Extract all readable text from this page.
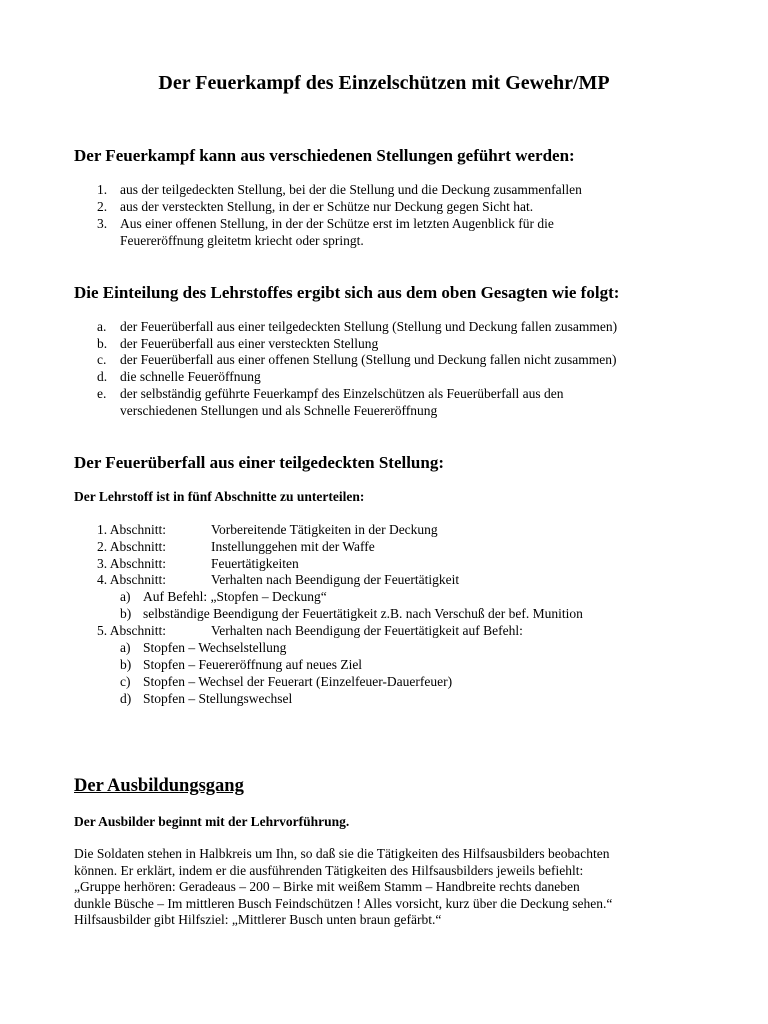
Der Feuerkampf des Einzelschützen mit Gewehr/MP
Der Feuerkampf kann aus verschiedenen Stellungen geführt werden:
1. aus der teilgedeckten Stellung, bei der die Stellung und die Deckung zusammenfallen
2. aus der versteckten Stellung, in der er Schütze nur Deckung gegen Sicht hat.
3. Aus einer offenen Stellung, in der der Schütze erst im letzten Augenblick für die
Feuereröffnung gleitetm kriecht oder springt.
Die Einteilung des Lehrstoffes ergibt sich aus dem oben Gesagten wie folgt:
a. der Feuerüberfall aus einer teilgedeckten Stellung (Stellung und Deckung fallen zusammen)
b. der Feuerüberfall aus einer versteckten Stellung
c. der Feuerüberfall aus einer offenen Stellung (Stellung und Deckung fallen nicht zusammen)
d. die schnelle Feueröffnung
e. der selbständig geführte Feuerkampf des Einzelschützen als Feuerüberfall aus den
verschiedenen Stellungen und als Schnelle Feuereröffnung
Der Feuerüberfall aus einer teilgedeckten Stellung:
Der Lehrstoff ist in fünf Abschnitte zu unterteilen:
1. Abschnitt:	Vorbereitende Tätigkeiten in der Deckung
2. Abschnitt:	Instellunggehen mit der Waffe
3. Abschnitt:	Feuertätigkeiten
4. Abschnitt:	Verhalten nach Beendigung der Feuertätigkeit
a) Auf Befehl: „Stopfen – Deckung“
b) selbständige Beendigung der Feuertätigkeit z.B. nach Verschuß der bef. Munition
5. Abschnitt:	Verhalten nach Beendigung der Feuertätigkeit auf Befehl:
a) Stopfen – Wechselstellung
b) Stopfen – Feuereröffnung auf neues Ziel
c) Stopfen – Wechsel der Feuerart (Einzelfeuer-Dauerfeuer)
d) Stopfen – Stellungswechsel
Der Ausbildungsgang
Der Ausbilder beginnt mit der Lehrvorführung.
Die Soldaten stehen in Halbkreis um Ihn, so daß sie die Tätigkeiten des Hilfsausbilders beobachten
können. Er erklärt, indem er die ausführenden Tätigkeiten des Hilfsausbilders jeweils befiehlt:
„Gruppe herhören: Geradeaus – 200 – Birke mit weißem Stamm – Handbreite rechts daneben
dunkle Büsche – Im mittleren Busch Feindschützen ! Alles vorsicht, kurz über die Deckung sehen.“
Hilfsausbilder gibt Hilfsziel: „Mittlerer Busch unten braun gefärbt.“
